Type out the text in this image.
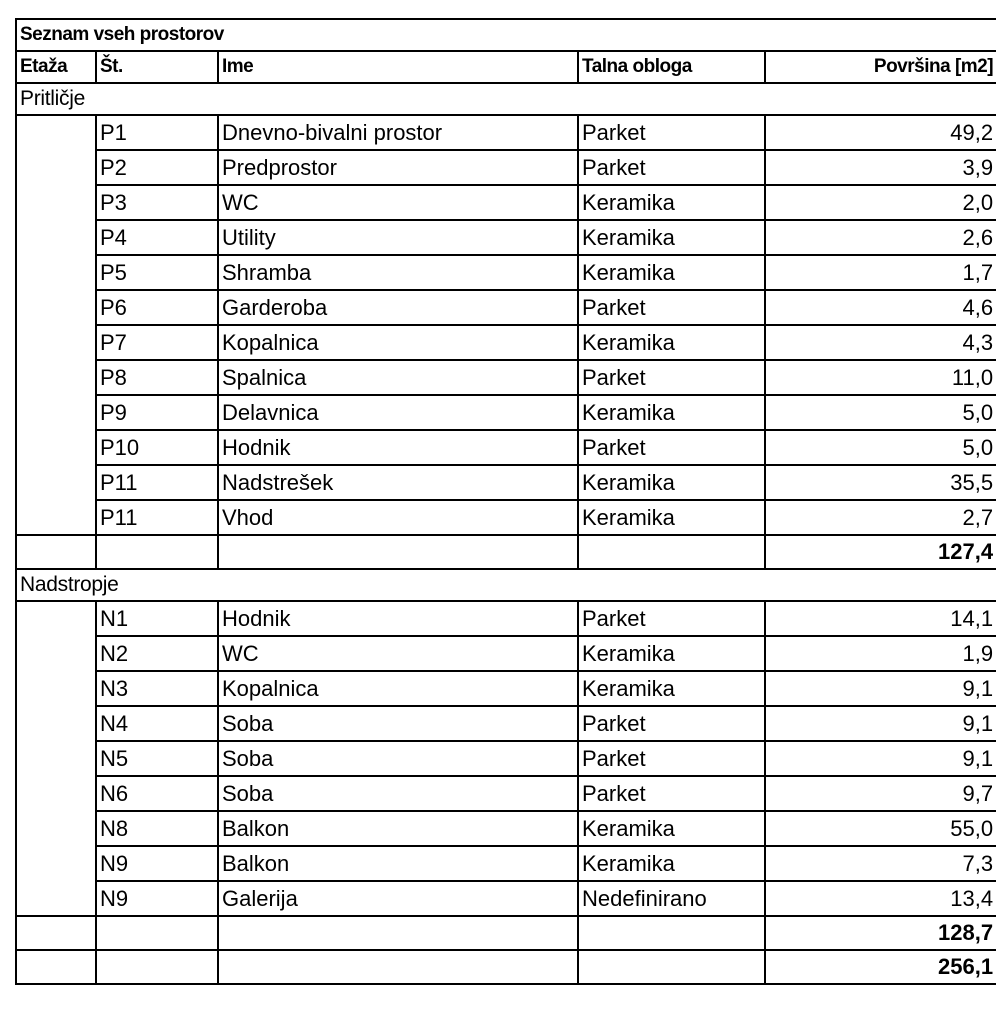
Seznam vseh prostorov				
Etaža	Št.	Ime	Talna obloga	Površina [m2]
Pritličje				
	P1	Dnevno-bivalni prostor	Parket	49,2
	P2	Predprostor	Parket	3,9
	P3	WC	Keramika	2,0
	P4	Utility	Keramika	2,6
	P5	Shramba	Keramika	1,7
	P6	Garderoba	Parket	4,6
	P7	Kopalnica	Keramika	4,3
	P8	Spalnica	Parket	11,0
	P9	Delavnica	Keramika	5,0
	P10	Hodnik	Parket	5,0
	P11	Nadstrešek	Keramika	35,5
	P11	Vhod	Keramika	2,7
				127,4
Nadstropje				
	N1	Hodnik	Parket	14,1
	N2	WC	Keramika	1,9
	N3	Kopalnica	Keramika	9,1
	N4	Soba	Parket	9,1
	N5	Soba	Parket	9,1
	N6	Soba	Parket	9,7
	N8	Balkon	Keramika	55,0
	N9	Balkon	Keramika	7,3
	N9	Galerija	Nedefinirano	13,4
				128,7
				256,1
